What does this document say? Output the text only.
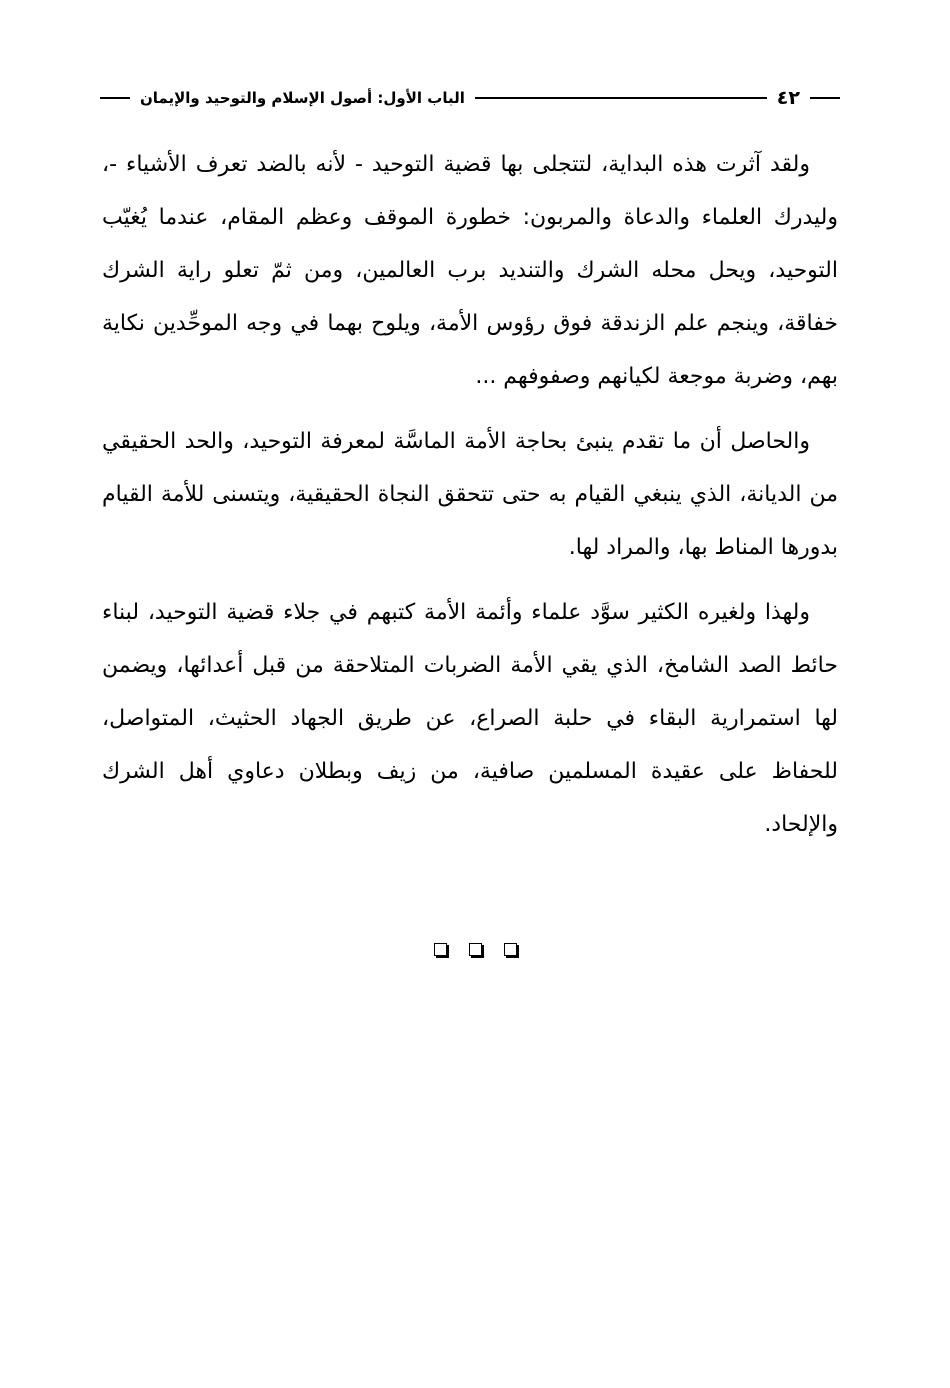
٤٢
الباب الأول: أصول الإسلام والتوحيد والإيمان

ولقد آثرت هذه البداية، لتتجلى بها قضية التوحيد - لأنه بالضد تعرف الأشياء -، وليدرك العلماء والدعاة والمربون: خطورة الموقف وعظم المقام، عندما يُغيّب التوحيد، ويحل محله الشرك والتنديد برب العالمين، ومن ثمّ تعلو راية الشرك خفاقة، وينجم علم الزندقة فوق رؤوس الأمة، ويلوح بهما في وجه الموحِّدين نكاية بهم، وضربة موجعة لكيانهم وصفوفهم ...

والحاصل أن ما تقدم ينبئ بحاجة الأمة الماسَّة لمعرفة التوحيد، والحد الحقيقي من الديانة، الذي ينبغي القيام به حتى تتحقق النجاة الحقيقية، ويتسنى للأمة القيام بدورها المناط بها، والمراد لها.

ولهذا ولغيره الكثير سوَّد علماء وأئمة الأمة كتبهم في جلاء قضية التوحيد، لبناء حائط الصد الشامخ، الذي يقي الأمة الضربات المتلاحقة من قبل أعدائها، ويضمن لها استمرارية البقاء في حلبة الصراع، عن طريق الجهاد الحثيث، المتواصل، للحفاظ على عقيدة المسلمين صافية، من زيف وبطلان دعاوي أهل الشرك والإلحاد.
